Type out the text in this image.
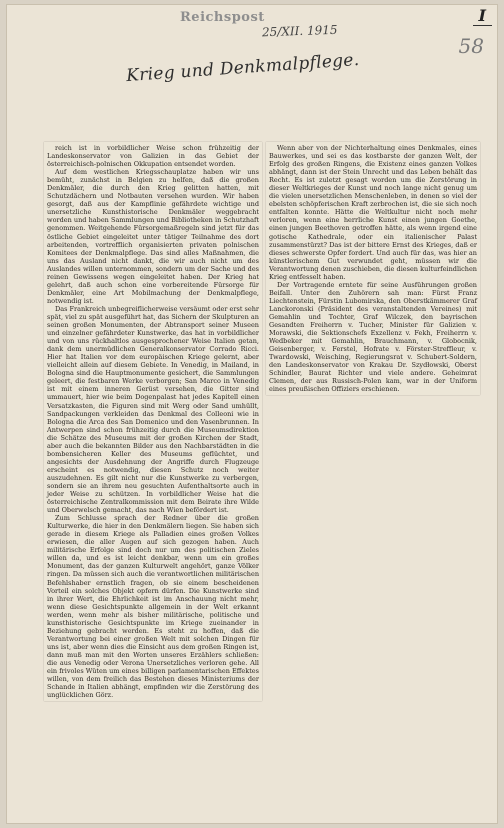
Reichspost	I
58
25/XII. 1915
Krieg und Denkmalpflege.

reich ist in vorbildlicher Weise schon frühzeitig der Landeskonservator von Galizien in das Gebiet der österreichisch-polnischen Okkupation entsendet worden.

Auf dem westlichen Kriegsschauplatze haben wir uns bemüht, zunächst in Belgien zu helfen, daß die großen Denkmäler, die durch den Krieg gelitten hatten, mit Schutzdächern und Notbauten versehen wurden. Wir haben gesorgt, daß aus der Kampflinie gefährdete wichtige und unersetzliche Kunsthistorische Denkmäler weggebracht worden und haben Sammlungen und Bibliotheken in Schutzhaft genommen. Weitgehende Fürsorgemaßregeln sind jetzt für das östliche Gebiet eingeleitet unter tätiger Teilnahme des dort arbeitenden, vortrefflich organisierten privaten polnischen Komitees der Denkmalpflege. Das sind alles Maßnahmen, die uns das Ausland nicht dankt, die wir auch nicht um des Auslandes willen unternommen, sondern um der Sache und des reinen Gewissens wegen eingeleitet haben. Der Krieg hat gelehrt, daß auch schon eine vorbereitende Fürsorge für Denkmäler, eine Art Mobilmachung der Denkmalpflege, notwendig ist.

Das Frankreich unbegreiflicherweise versäumt oder erst sehr spät, viel zu spät ausgeführt hat, das Sichern der Skulpturen an seinen großen Monumenten, der Abtransport seiner Museen und einzelner gefährdeter Kunstwerke, das hat in vorbildlicher und von uns rückhaltlos ausgesprochener Weise Italien getan, dank dem unermüdlichen Generalkonservator Corrado Ricci. Hier hat Italien vor dem europäischen Kriege gelernt, aber vielleicht allein auf diesem Gebiete. In Venedig, in Mailand, in Bologna sind die Hauptmonumente gesichert, die Sammlungen geleert, die festbaren Werke verborgen; San Marco in Venedig ist mit einem inneren Gerüst versehen, die Gitter sind ummauert, hier wie beim Dogenpalast hat jedes Kapitell einen Versatzkasten, die Figuren sind mit Werg oder Sand umhüllt, Sandpackungen verkleiden das Denkmal des Colleoni wie in Bologna die Arca des San Domenico und den Vasenbrunnen. In Antwerpen sind schon frühzeitig durch die Museumsdirektion die Schätze des Museums mit der großen Kirchen der Stadt, aber auch die bekannten Bilder aus den Nachbarstädten in die bombensicheren Keller des Museums geflüchtet, und angesichts der Ausdehnung der Angriffe durch Flugzeuge erscheint es notwendig, diesen Schutz noch weiter auszudehnen. Es gilt nicht nur die Kunstwerke zu verbergen, sondern sie an ihrem neu gesuchten Aufenthaltsorte auch in jeder Weise zu schützen. In vorbildlicher Weise hat die österreichische Zentralkommission mit dem Beirate ihre Wilde und Oberwelsch gemacht, das nach Wien befördert ist.

Zum Schlusse sprach der Redner über die großen Kulturwerke, die hier in den Denkmälern liegen. Sie haben sich gerade in diesem Kriege als Palladien eines großen Volkes erwiesen, die aller Augen auf sich gezogen haben. Auch militärische Erfolge sind doch nur um des politischen Zieles willen da, und es ist leicht denkbar, wenn um ein großes Monument, das der ganzen Kulturwelt angehört, ganze Völker ringen. Da müssen sich auch die verantwortlichen militärischen Befehlshaber ernstlich fragen, ob sie einem bescheidenen Vorteil ein solches Objekt opfern dürfen. Die Kunstwerke sind in ihrer Wert, die Ehrlichkeit ist im Anschauung nicht mehr, wenn diese Gesichtspunkte allgemein in der Welt erkannt werden, wenn mehr als bisher militärische, politische und kunsthistorische Gesichtspunkte im Kriege zueinander in Beziehung gebracht werden. Es steht zu hoffen, daß die Verantwortung bei einer großen Welt mit solchen Dingen für uns ist, aber wenn dies die Einsicht aus dem großen Ringen ist, dann muß man mit den Worten unseres Erzählers schließen: die aus Venedig oder Verona Unersetzliches verloren gehe. All ein frivoles Wüten um eines billigen parlamentarischen Effektes willen, von dem freilich das Bestehen dieses Ministeriums der Schande in Italien abhängt, empfinden wir die Zerstörung des unglücklichen Görz.

Wenn aber von der Nichterhaltung eines Denkmales, eines Bauwerkes, und sei es das kostbarste der ganzen Welt, der Erfolg des großen Ringens, die Existenz eines ganzen Volkes abhängt, dann ist der Stein Unrecht und das Leben behält das Recht. Es ist zuletzt gesagt worden um die Zerstörung in dieser Weltkrieges der Kunst und noch lange nicht genug um die vielen unersetzlichen Menschenleben, in denen so viel der ebelsten schöpferischen Kraft zerbrochen ist, die sie sich noch entfalten konnte. Hätte die Weltkultur nicht noch mehr verloren, wenn eine herrliche Kunst einen jungen Goethe, einen jungen Beethoven getroffen hätte, als wenn irgend eine gotische Kathedrale, oder ein italienischer Palast zusammenstürzt? Das ist der bittere Ernst des Krieges, daß er dieses schwerste Opfer fordert. Und auch für das, was hier an künstlerischem Gut verwundet geht, müssen wir die Verantwortung denen zuschieben, die diesen kulturfeindlichen Krieg entfesselt haben.

Der Vortragende erntete für seine Ausführungen großen Beifall. Unter den Zuhörern sah man: Fürst Franz Liechtenstein, Fürstin Lubomirska, den Oberstkämmerer Graf Lanckoronski (Präsident des veranstaltenden Vereines) mit Gemahlin und Tochter, Graf Wilczek, den bayrischen Gesandten Freiherrn v. Tucher, Minister für Galizien v. Morawski, die Sektionschefs Exzellenz v. Fekh, Freiherrn v. Wedbeker mit Gemahlin, Brauchmann, v. Globocnik, Geisenberger, v. Ferstel, Hofrate v. Förster-Streffleur, v. Twardowski, Weisching, Regierungsrat v. Schubert-Soldern, den Landeskonservator von Krakau Dr. Szydłowski, Oberst Schindler, Baurat Richter und viele andere. Geheimrat Clemen, der aus Russisch-Polen kam, war in der Uniform eines preußischen Offiziers erschienen.
